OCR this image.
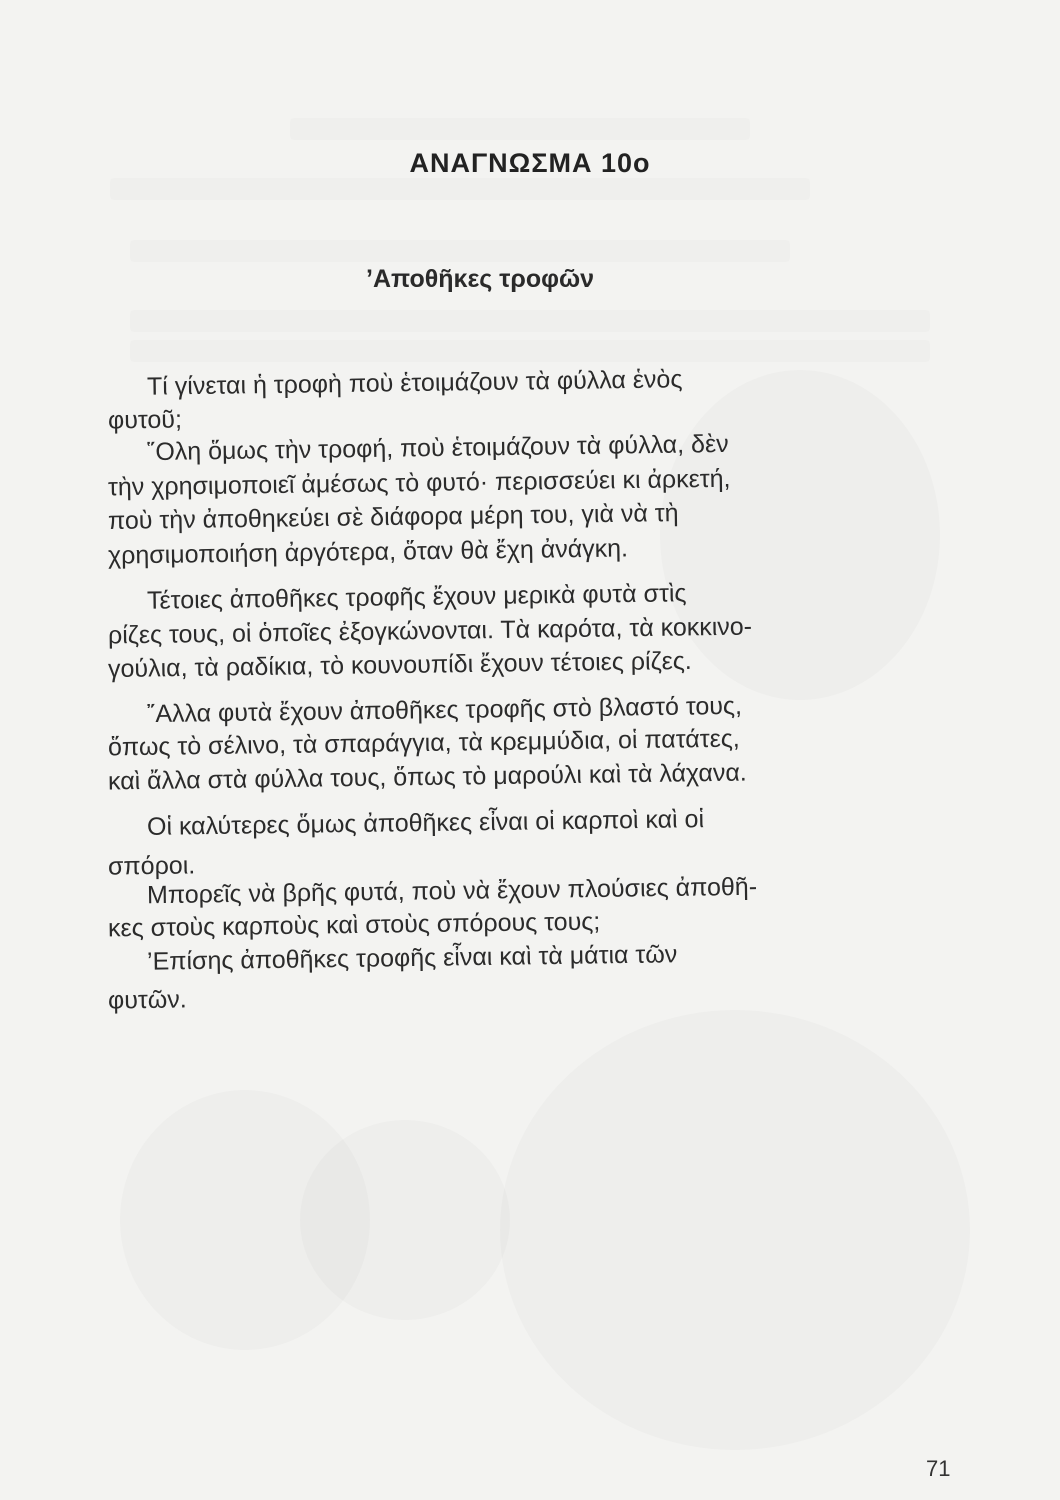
ΑΝΑΓΝΩΣΜΑ 10ο
’Αποθῆκες τροφῶν
Τί γίνεται ἡ τροφὴ ποὺ ἑτοιμάζουν τὰ φύλλα ἑνὸς
φυτοῦ;
῞Ολη ὅμως τὴν τροφή, ποὺ ἑτοιμάζουν τὰ φύλλα, δὲν
τὴν χρησιμοποιεῖ ἀμέσως τὸ φυτό· περισσεύει κι ἀρκετή,
ποὺ τὴν ἀποθηκεύει σὲ διάφορα μέρη του, γιὰ νὰ τὴ
χρησιμοποιήση ἀργότερα, ὅταν θὰ ἔχη ἀνάγκη.
Τέτοιες ἀποθῆκες τροφῆς ἔχουν μερικὰ φυτὰ στὶς
ρίζες τους, οἱ ὁποῖες ἐξογκώνονται. Τὰ καρότα, τὰ κοκκινο-
γούλια, τὰ ραδίκια, τὸ κουνουπίδι ἔχουν τέτοιες ρίζες.
῎Αλλα φυτὰ ἔχουν ἀποθῆκες τροφῆς στὸ βλαστό τους,
ὅπως τὸ σέλινο, τὰ σπαράγγια, τὰ κρεμμύδια, οἱ πατάτες,
καὶ ἄλλα στὰ φύλλα τους, ὅπως τὸ μαρούλι καὶ τὰ λάχανα.
Οἱ καλύτερες ὅμως ἀποθῆκες εἶναι οἱ καρποὶ καὶ οἱ
σπόροι.
Μπορεῖς νὰ βρῆς φυτά, ποὺ νὰ ἔχουν πλούσιες ἀποθῆ-
κες στοὺς καρποὺς καὶ στοὺς σπόρους τους;
’Επίσης ἀποθῆκες τροφῆς εἶναι καὶ τὰ μάτια τῶν
φυτῶν.
71
